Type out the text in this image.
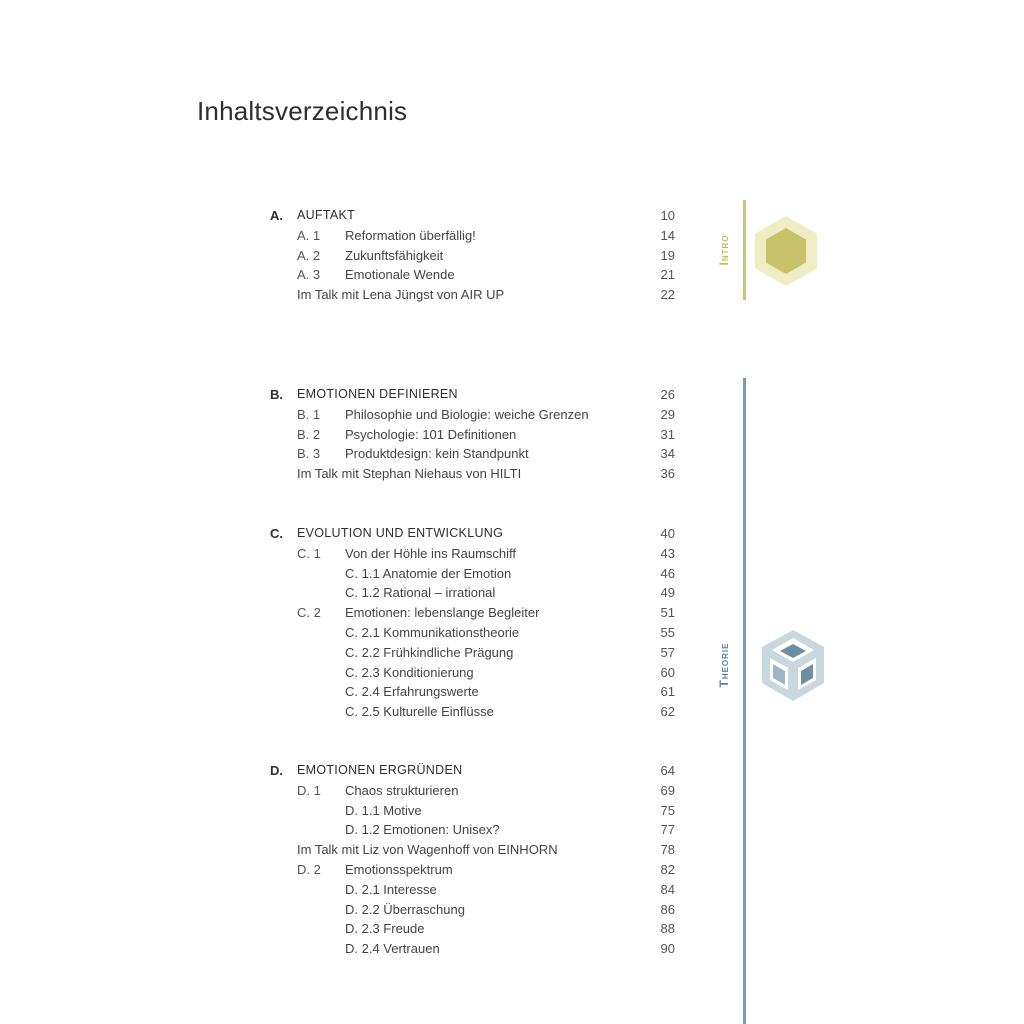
Inhaltsverzeichnis
A. AUFTAKT	10
A. 1 Reformation überfällig!	14
A. 2 Zukunftsfähigkeit	19
A. 3 Emotionale Wende	21
Im Talk mit Lena Jüngst von AIR UP	22
B. EMOTIONEN DEFINIEREN	26
B. 1 Philosophie und Biologie: weiche Grenzen	29
B. 2 Psychologie: 101 Definitionen	31
B. 3 Produktdesign: kein Standpunkt	34
Im Talk mit Stephan Niehaus von HILTI	36
C. EVOLUTION UND ENTWICKLUNG	40
C. 1 Von der Höhle ins Raumschiff	43
C. 1.1 Anatomie der Emotion	46
C. 1.2 Rational – irrational	49
C. 2 Emotionen: lebenslange Begleiter	51
C. 2.1 Kommunikationstheorie	55
C. 2.2 Frühkindliche Prägung	57
C. 2.3 Konditionierung	60
C. 2.4 Erfahrungswerte	61
C. 2.5 Kulturelle Einflüsse	62
D. EMOTIONEN ERGRÜNDEN	64
D. 1 Chaos strukturieren	69
D. 1.1 Motive	75
D. 1.2 Emotionen: Unisex?	77
Im Talk mit Liz von Wagenhoff von EINHORN	78
D. 2 Emotionsspektrum	82
D. 2.1 Interesse	84
D. 2.2 Überraschung	86
D. 2.3 Freude	88
D. 2.4 Vertrauen	90
Intro
Theorie
